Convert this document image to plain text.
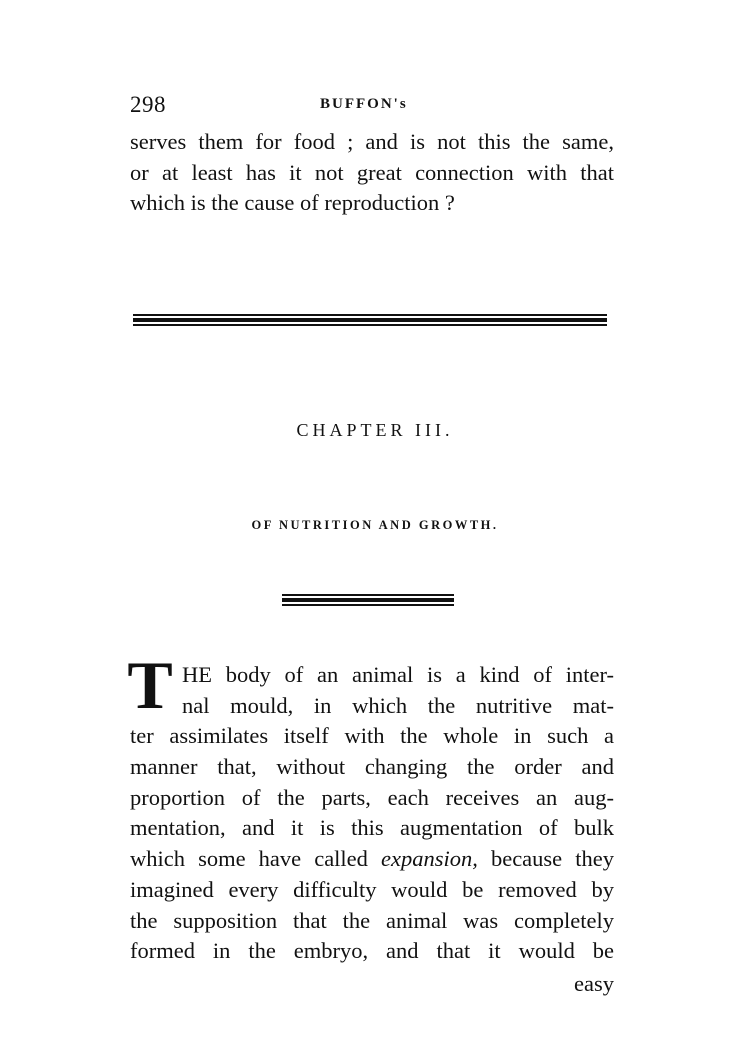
298	BUFFON's
serves them for food ; and is not this the same,
or at least has it not great connection with that
which is the cause of reproduction ?
CHAPTER III.
OF NUTRITION AND GROWTH.
T HE body of an animal is a kind of inter-
nal mould, in which the nutritive mat-
ter assimilates itself with the whole in such a
manner that, without changing the order and
proportion of the parts, each receives an aug-
mentation, and it is this augmentation of bulk
which some have called expansion, because they
imagined every difficulty would be removed by
the supposition that the animal was completely
formed in the embryo, and that it would be
easy
